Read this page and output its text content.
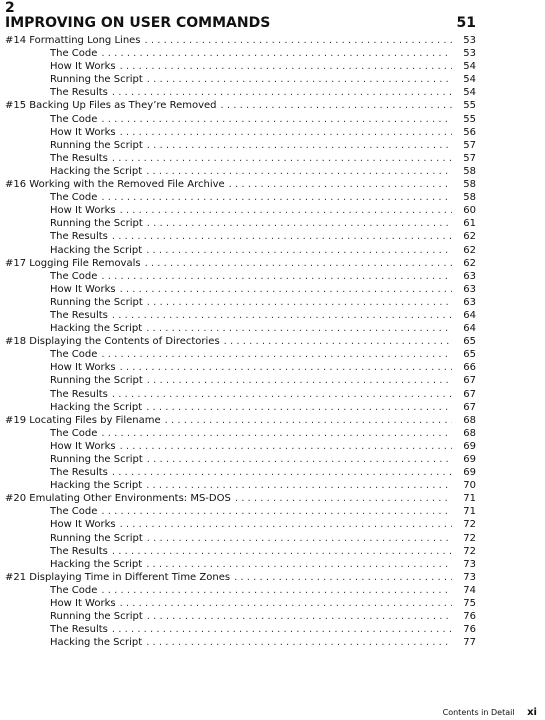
2
IMPROVING ON USER COMMANDS	51
#14 Formatting Long Lines . . .	53
The Code . . .	53
How It Works . . .	54
Running the Script . . .	54
The Results . . .	54
#15 Backing Up Files as They’re Removed . . .	55
The Code . . .	55
How It Works . . .	56
Running the Script . . .	57
The Results . . .	57
Hacking the Script . . .	58
#16 Working with the Removed File Archive . . .	58
The Code . . .	58
How It Works . . .	60
Running the Script . . .	61
The Results . . .	62
Hacking the Script . . .	62
#17 Logging File Removals . . .	62
The Code . . .	63
How It Works . . .	63
Running the Script . . .	63
The Results . . .	64
Hacking the Script . . .	64
#18 Displaying the Contents of Directories . . .	65
The Code . . .	65
How It Works . . .	66
Running the Script . . .	67
The Results . . .	67
Hacking the Script . . .	67
#19 Locating Files by Filename . . .	68
The Code . . .	68
How It Works . . .	69
Running the Script . . .	69
The Results . . .	69
Hacking the Script . . .	70
#20 Emulating Other Environments: MS-DOS . . .	71
The Code . . .	71
How It Works . . .	72
Running the Script . . .	72
The Results . . .	72
Hacking the Script . . .	73
#21 Displaying Time in Different Time Zones . . .	73
The Code . . .	74
How It Works . . .	75
Running the Script . . .	76
The Results . . .	76
Hacking the Script . . .	77
Contents in Detail xi
